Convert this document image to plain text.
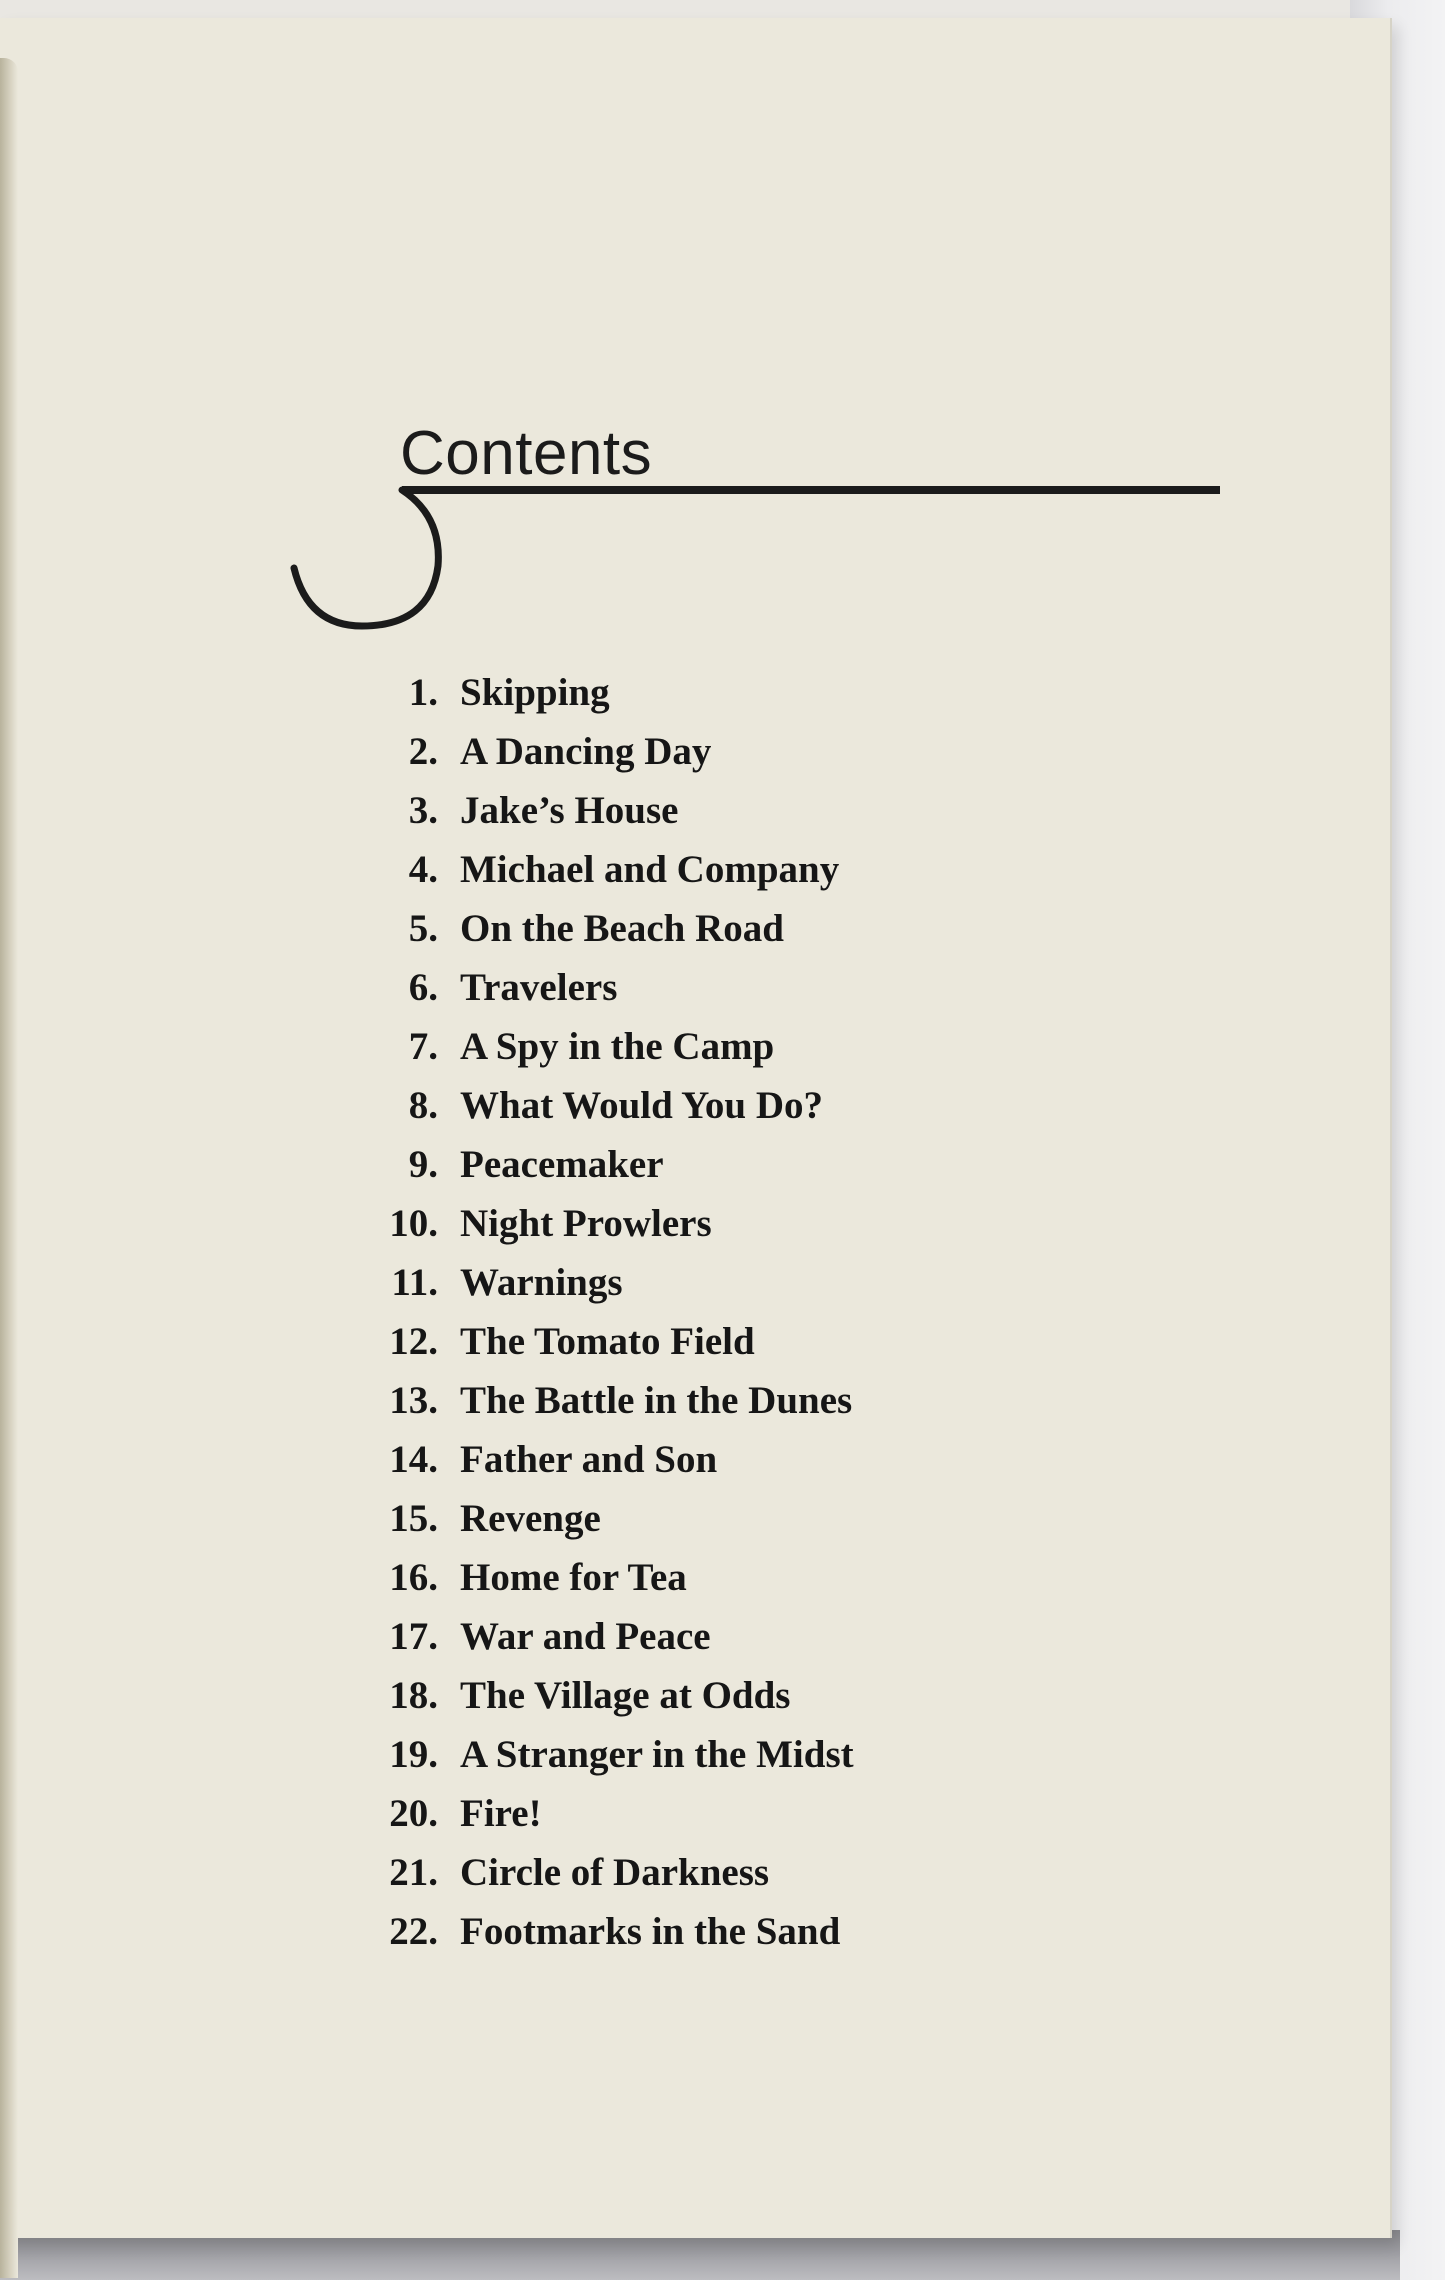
Contents
1. Skipping
2. A Dancing Day
3. Jake’s House
4. Michael and Company
5. On the Beach Road
6. Travelers
7. A Spy in the Camp
8. What Would You Do?
9. Peacemaker
10. Night Prowlers
11. Warnings
12. The Tomato Field
13. The Battle in the Dunes
14. Father and Son
15. Revenge
16. Home for Tea
17. War and Peace
18. The Village at Odds
19. A Stranger in the Midst
20. Fire!
21. Circle of Darkness
22. Footmarks in the Sand
